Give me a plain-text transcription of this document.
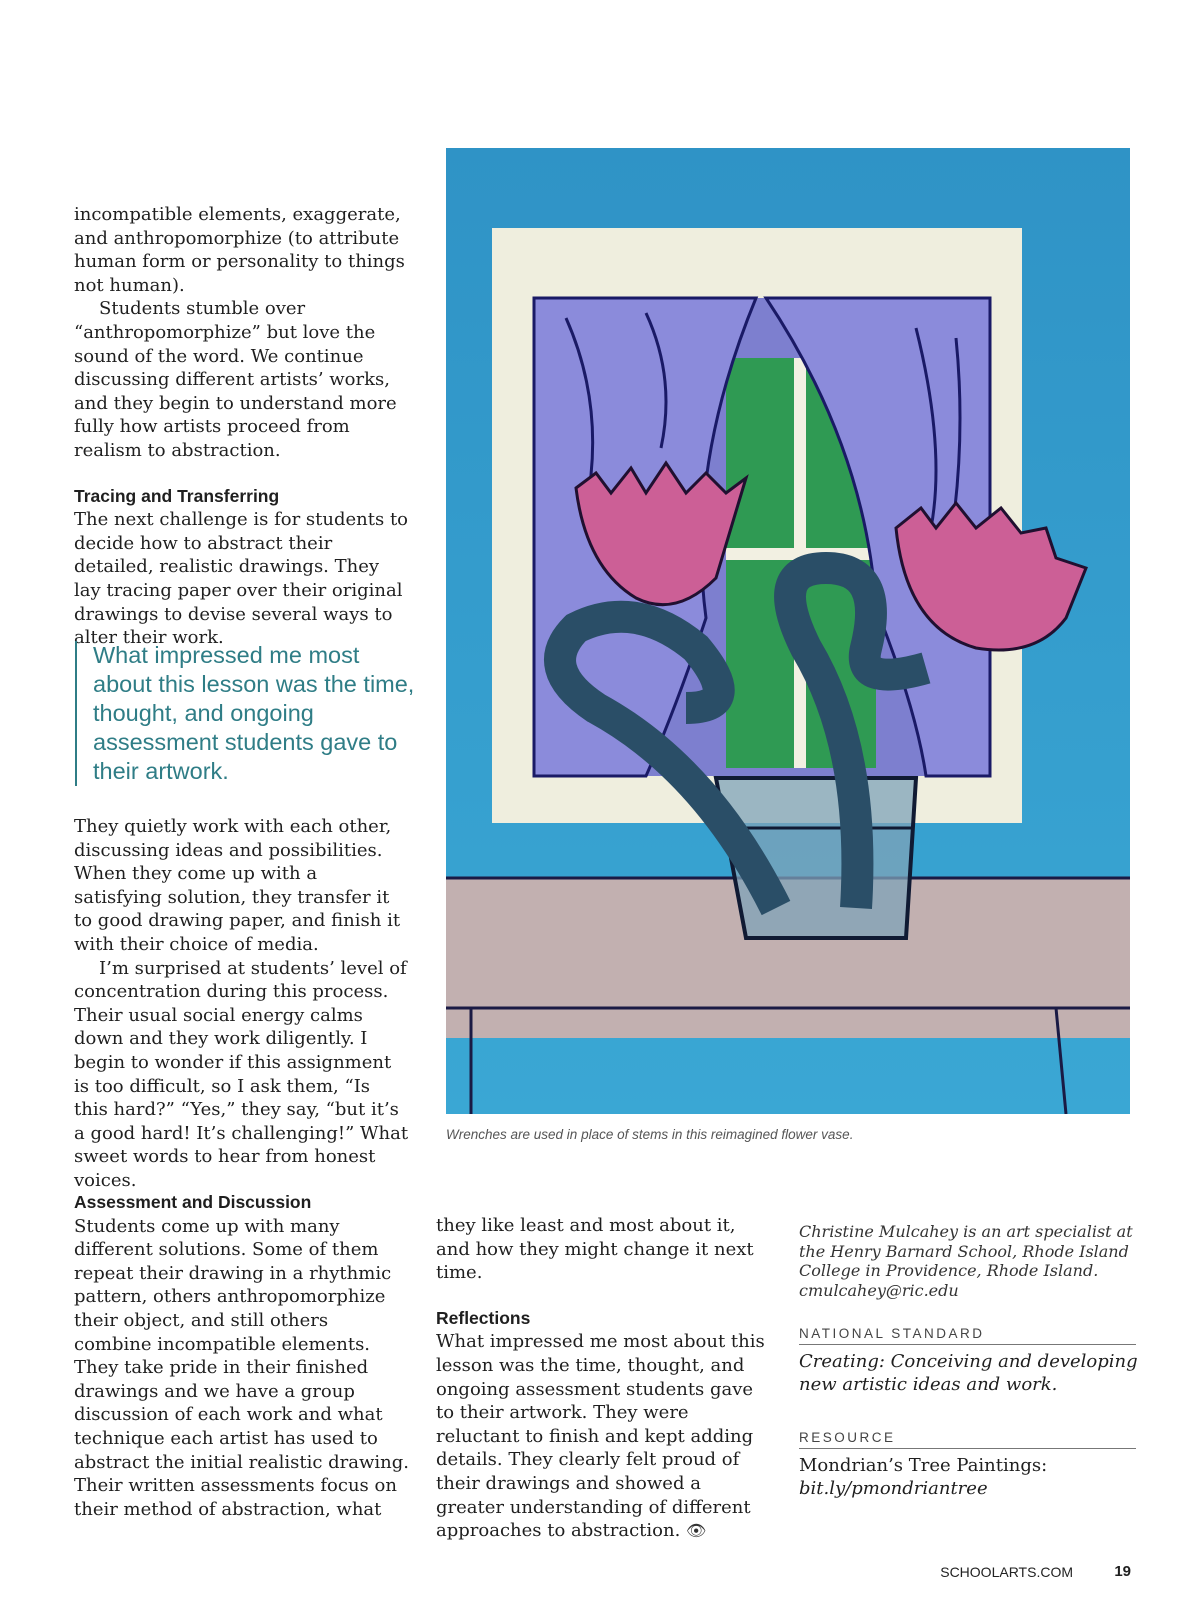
incompatible elements, exaggerate, and anthropomorphize (to attribute human form or personality to things not human).

Students stumble over “anthropomorphize” but love the sound of the word. We continue discussing different artists’ works, and they begin to understand more fully how artists proceed from realism to abstraction.

Tracing and Transferring

The next challenge is for students to decide how to abstract their detailed, realistic drawings. They lay tracing paper over their original drawings to devise several ways to alter their work.

What impressed me most about this lesson was the time, thought, and ongoing assessment students gave to their artwork.

They quietly work with each other, discussing ideas and possibilities. When they come up with a satisfying solution, they transfer it to good drawing paper, and finish it with their choice of media.

I’m surprised at students’ level of concentration during this process. Their usual social energy calms down and they work diligently. I begin to wonder if this assignment is too difficult, so I ask them, “Is this hard?” “Yes,” they say, “but it’s a good hard! It’s challenging!” What sweet words to hear from honest voices.

Assessment and Discussion

Students come up with many different solutions. Some of them repeat their drawing in a rhythmic pattern, others anthropomorphize their object, and still others combine incompatible elements. They take pride in their finished drawings and we have a group discussion of each work and what technique each artist has used to abstract the initial realistic drawing. Their written assessments focus on their method of abstraction, what

they like least and most about it, and how they might change it next time.

Reflections

What impressed me most about this lesson was the time, thought, and ongoing assessment students gave to their artwork. They were reluctant to finish and kept adding details. They clearly felt proud of their drawings and showed a greater understanding of different approaches to abstraction. 👁

Wrenches are used in place of stems in this reimagined flower vase.
Christine Mulcahey is an art specialist at the Henry Barnard School, Rhode Island College in Providence, Rhode Island. cmulcahey@ric.edu
NATIONAL STANDARD
Creating: Conceiving and developing new artistic ideas and work.
RESOURCE
Mondrian’s Tree Paintings: bit.ly/pmondriantree
SCHOOLARTS.COM	19
